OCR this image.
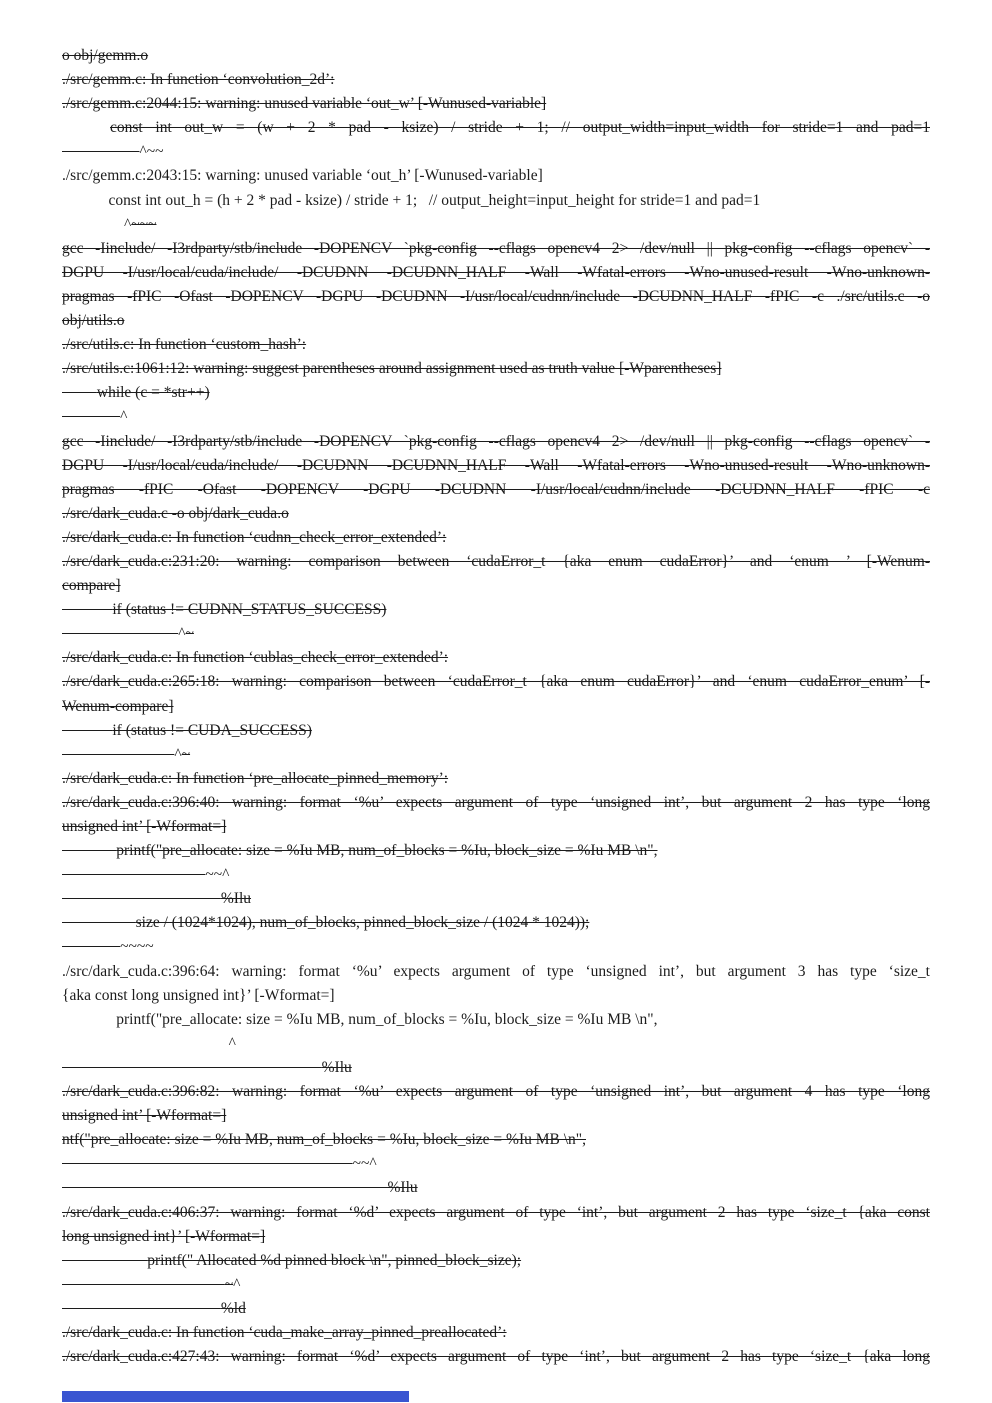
o obj/gemm.o
./src/gemm.c: In function ‘convolution_2d’:
./src/gemm.c:2044:15: warning: unused variable ‘out_w’ [-Wunused-variable]
const int out_w = (w + 2 * pad - ksize) / stride + 1; // output_width=input_width for stride=1 and pad=1
^~~
./src/gemm.c:2043:15: warning: unused variable ‘out_h’ [-Wunused-variable]
const int out_h = (h + 2 * pad - ksize) / stride + 1;   // output_height=input_height for stride=1 and pad=1
^~~~
gcc -Iinclude/ -I3rdparty/stb/include -DOPENCV `pkg-config --cflags opencv4 2> /dev/null || pkg-config --cflags opencv` -
DGPU -I/usr/local/cuda/include/ -DCUDNN -DCUDNN_HALF -Wall -Wfatal-errors -Wno-unused-result -Wno-unknown-
pragmas -fPIC -Ofast -DOPENCV -DGPU -DCUDNN -I/usr/local/cudnn/include -DCUDNN_HALF -fPIC -c ./src/utils.c -o
obj/utils.o
./src/utils.c: In function ‘custom_hash’:
./src/utils.c:1061:12: warning: suggest parentheses around assignment used as truth value [-Wparentheses]
while (c = *str++)
^
gcc -Iinclude/ -I3rdparty/stb/include -DOPENCV `pkg-config --cflags opencv4 2> /dev/null || pkg-config --cflags opencv` -
DGPU -I/usr/local/cuda/include/ -DCUDNN -DCUDNN_HALF -Wall -Wfatal-errors -Wno-unused-result -Wno-unknown-
pragmas -fPIC -Ofast -DOPENCV -DGPU -DCUDNN -I/usr/local/cudnn/include -DCUDNN_HALF -fPIC -c
./src/dark_cuda.c -o obj/dark_cuda.o
./src/dark_cuda.c: In function ‘cudnn_check_error_extended’:
./src/dark_cuda.c:231:20: warning: comparison between ‘cudaError_t {aka enum cudaError}’ and ‘enum ’ [-Wenum-
compare]
if (status != CUDNN_STATUS_SUCCESS)
^~
./src/dark_cuda.c: In function ‘cublas_check_error_extended’:
./src/dark_cuda.c:265:18: warning: comparison between ‘cudaError_t {aka enum cudaError}’ and ‘enum cudaError_enum’ [-
Wenum-compare]
if (status != CUDA_SUCCESS)
^~
./src/dark_cuda.c: In function ‘pre_allocate_pinned_memory’:
./src/dark_cuda.c:396:40: warning: format ‘%u’ expects argument of type ‘unsigned int’, but argument 2 has type ‘long
unsigned int’ [-Wformat=]
printf("pre_allocate: size = %Iu MB, num_of_blocks = %Iu, block_size = %Iu MB \n",
~~^
%Ilu
size / (1024*1024), num_of_blocks, pinned_block_size / (1024 * 1024));
~~~~
./src/dark_cuda.c:396:64: warning: format ‘%u’ expects argument of type ‘unsigned int’, but argument 3 has type ‘size_t
{aka const long unsigned int}’ [-Wformat=]
printf("pre_allocate: size = %Iu MB, num_of_blocks = %Iu, block_size = %Iu MB \n",
^
%Ilu
./src/dark_cuda.c:396:82: warning: format ‘%u’ expects argument of type ‘unsigned int’, but argument 4 has type ‘long
unsigned int’ [-Wformat=]
ntf("pre_allocate: size = %Iu MB, num_of_blocks = %Iu, block_size = %Iu MB \n",
~~^
%Ilu
./src/dark_cuda.c:406:37: warning: format ‘%d’ expects argument of type ‘int’, but argument 2 has type ‘size_t {aka const
long unsigned int}’ [-Wformat=]
printf(" Allocated %d pinned block \n", pinned_block_size);
~^
%ld
./src/dark_cuda.c: In function ‘cuda_make_array_pinned_preallocated’:
./src/dark_cuda.c:427:43: warning: format ‘%d’ expects argument of type ‘int’, but argument 2 has type ‘size_t {aka long
